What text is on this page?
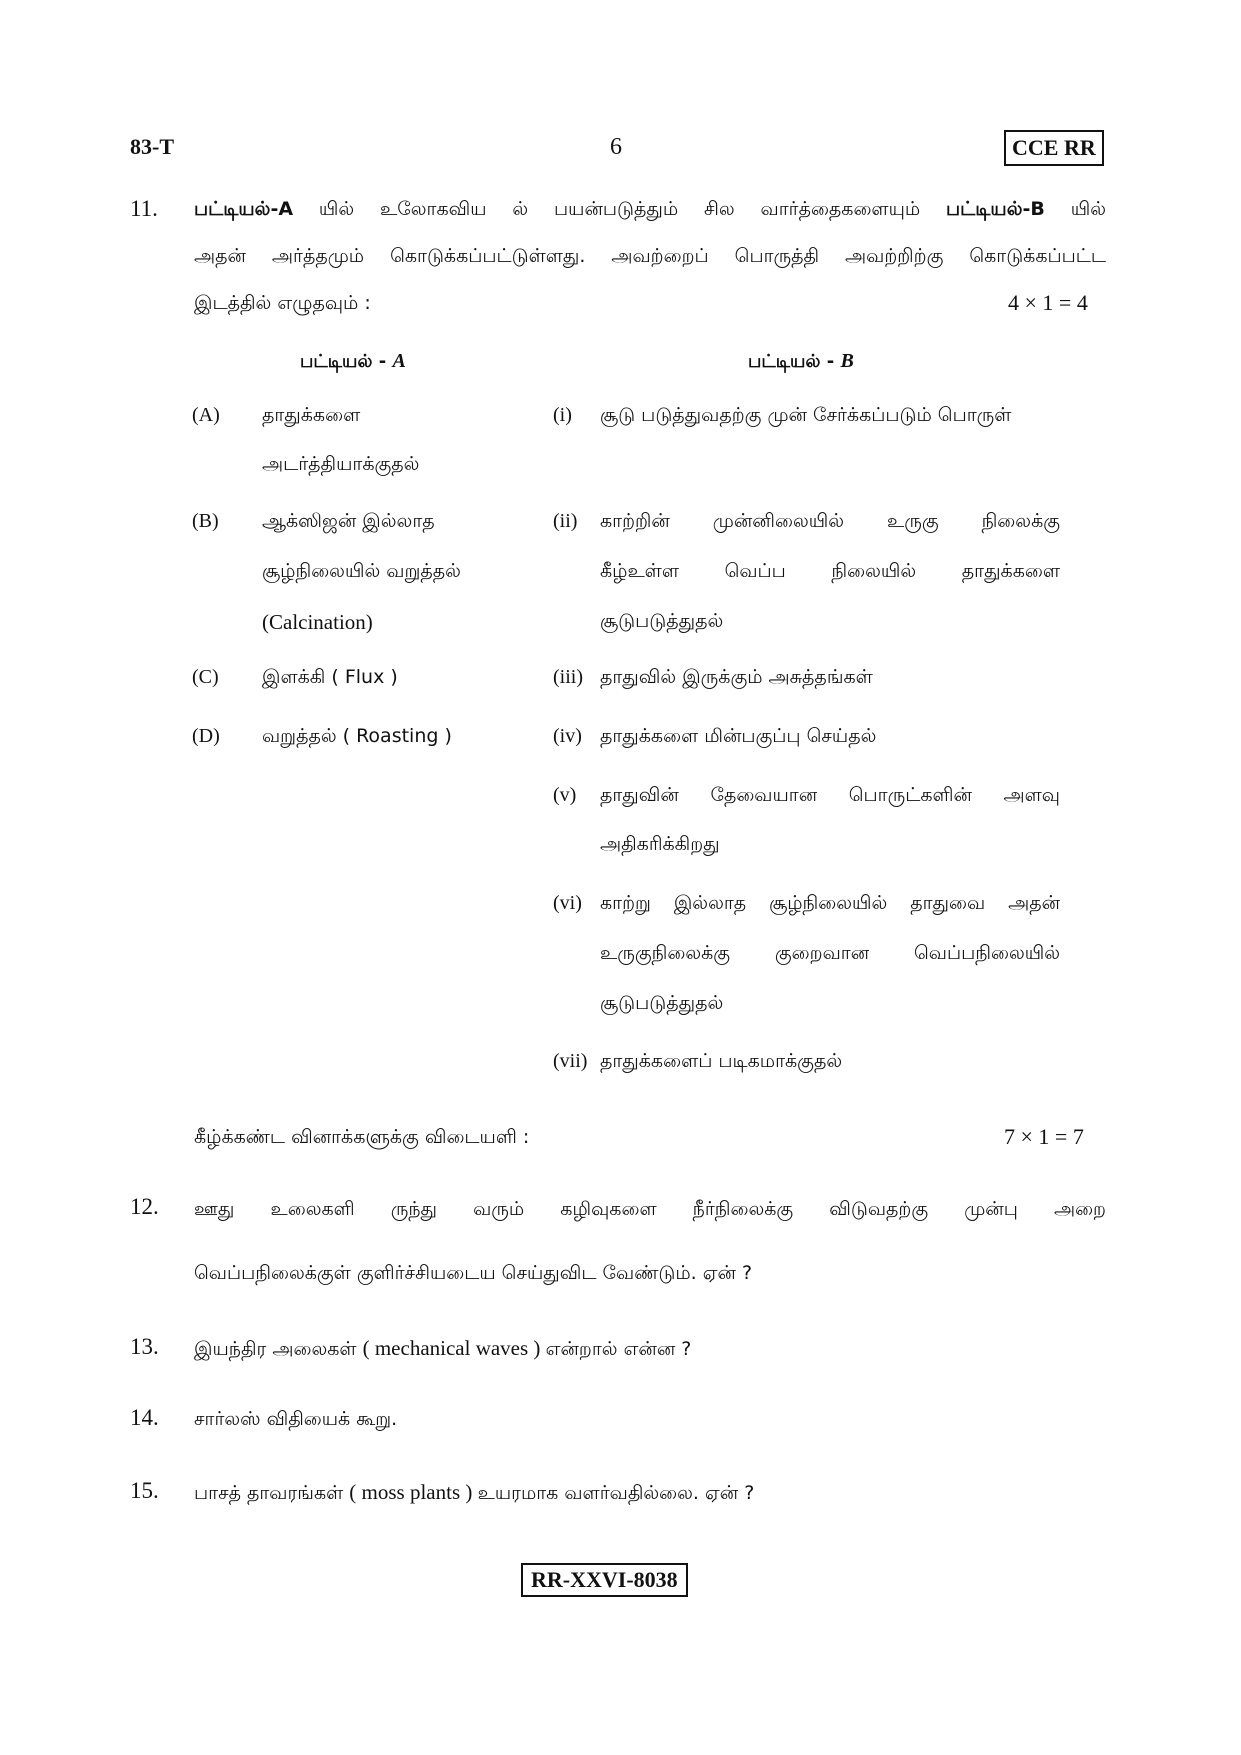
83-T	6	CCE RR
11. பட்டியல்-A யில் உலோகவிய ல் பயன்படுத்தும் சில வார்த்தைகளையும் பட்டியல்-B யில்
அதன் அர்த்தமும் கொடுக்கப்பட்டுள்ளது. அவற்றைப் பொருத்தி அவற்றிற்கு கொடுக்கப்பட்ட
இடத்தில் எழுதவும் :	4 × 1 = 4
பட்டியல் - A	பட்டியல் - B
(A) தாதுக்களை
அடர்த்தியாக்குதல்
(B) ஆக்ஸிஜன் இல்லாத
சூழ்நிலையில் வறுத்தல்
(Calcination)
(C) இளக்கி ( Flux )
(D) வறுத்தல் ( Roasting )
(i) சூடு படுத்துவதற்கு முன் சேர்க்கப்படும் பொருள்
(ii) காற்றின் முன்னிலையில் உருகு நிலைக்கு
கீழ்உள்ள வெப்ப நிலையில் தாதுக்களை
சூடுபடுத்துதல்
(iii) தாதுவில் இருக்கும் அசுத்தங்கள்
(iv) தாதுக்களை மின்பகுப்பு செய்தல்
(v) தாதுவின் தேவையான பொருட்களின் அளவு
அதிகரிக்கிறது
(vi) காற்று இல்லாத சூழ்நிலையில் தாதுவை அதன்
உருகுநிலைக்கு குறைவான வெப்பநிலையில்
சூடுபடுத்துதல்
(vii) தாதுக்களைப் படிகமாக்குதல்
கீழ்க்கண்ட வினாக்களுக்கு விடையளி :	7 × 1 = 7
12. ஊது உலைகளி ருந்து வரும் கழிவுகளை நீர்நிலைக்கு விடுவதற்கு முன்பு அறை
வெப்பநிலைக்குள் குளிர்ச்சியடைய செய்துவிட வேண்டும். ஏன் ?
13. இயந்திர அலைகள் ( mechanical waves ) என்றால் என்ன ?
14. சார்லஸ் விதியைக் கூறு.
15. பாசத் தாவரங்கள் ( moss plants ) உயரமாக வளர்வதில்லை. ஏன் ?
RR-XXVI-8038
